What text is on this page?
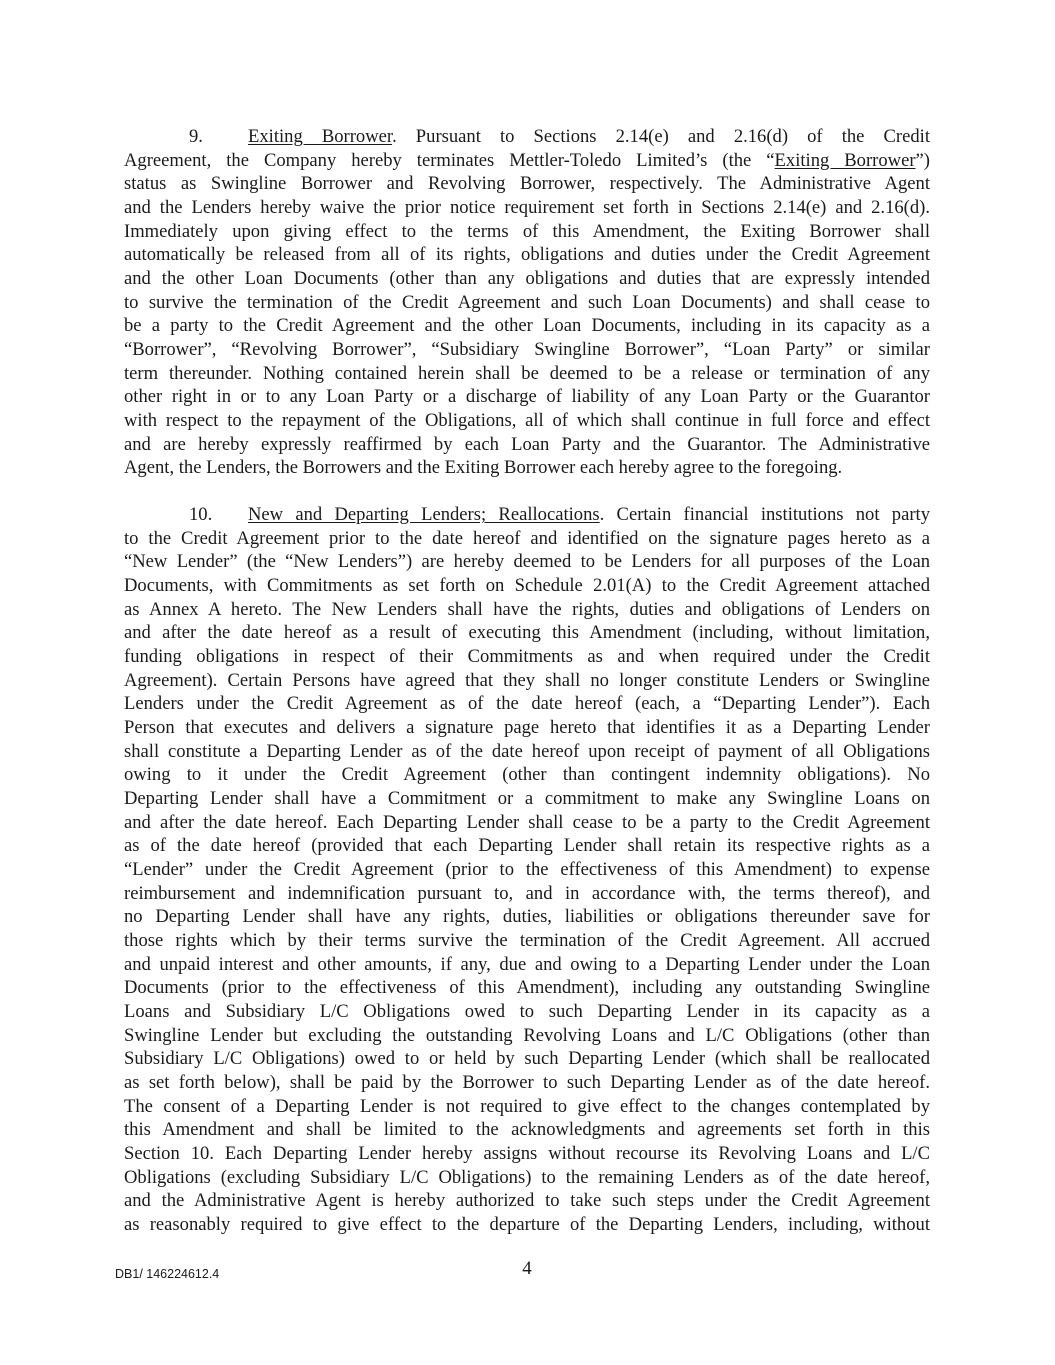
9. Exiting Borrower. Pursuant to Sections 2.14(e) and 2.16(d) of the Credit
Agreement, the Company hereby terminates Mettler-Toledo Limited’s (the “Exiting Borrower”)
status as Swingline Borrower and Revolving Borrower, respectively. The Administrative Agent
and the Lenders hereby waive the prior notice requirement set forth in Sections 2.14(e) and 2.16(d).
Immediately upon giving effect to the terms of this Amendment, the Exiting Borrower shall
automatically be released from all of its rights, obligations and duties under the Credit Agreement
and the other Loan Documents (other than any obligations and duties that are expressly intended
to survive the termination of the Credit Agreement and such Loan Documents) and shall cease to
be a party to the Credit Agreement and the other Loan Documents, including in its capacity as a
“Borrower”, “Revolving Borrower”, “Subsidiary Swingline Borrower”, “Loan Party” or similar
term thereunder. Nothing contained herein shall be deemed to be a release or termination of any
other right in or to any Loan Party or a discharge of liability of any Loan Party or the Guarantor
with respect to the repayment of the Obligations, all of which shall continue in full force and effect
and are hereby expressly reaffirmed by each Loan Party and the Guarantor. The Administrative
Agent, the Lenders, the Borrowers and the Exiting Borrower each hereby agree to the foregoing.
10. New and Departing Lenders; Reallocations. Certain financial institutions not party
to the Credit Agreement prior to the date hereof and identified on the signature pages hereto as a
“New Lender” (the “New Lenders”) are hereby deemed to be Lenders for all purposes of the Loan
Documents, with Commitments as set forth on Schedule 2.01(A) to the Credit Agreement attached
as Annex A hereto. The New Lenders shall have the rights, duties and obligations of Lenders on
and after the date hereof as a result of executing this Amendment (including, without limitation,
funding obligations in respect of their Commitments as and when required under the Credit
Agreement). Certain Persons have agreed that they shall no longer constitute Lenders or Swingline
Lenders under the Credit Agreement as of the date hereof (each, a “Departing Lender”). Each
Person that executes and delivers a signature page hereto that identifies it as a Departing Lender
shall constitute a Departing Lender as of the date hereof upon receipt of payment of all Obligations
owing to it under the Credit Agreement (other than contingent indemnity obligations). No
Departing Lender shall have a Commitment or a commitment to make any Swingline Loans on
and after the date hereof. Each Departing Lender shall cease to be a party to the Credit Agreement
as of the date hereof (provided that each Departing Lender shall retain its respective rights as a
“Lender” under the Credit Agreement (prior to the effectiveness of this Amendment) to expense
reimbursement and indemnification pursuant to, and in accordance with, the terms thereof), and
no Departing Lender shall have any rights, duties, liabilities or obligations thereunder save for
those rights which by their terms survive the termination of the Credit Agreement. All accrued
and unpaid interest and other amounts, if any, due and owing to a Departing Lender under the Loan
Documents (prior to the effectiveness of this Amendment), including any outstanding Swingline
Loans and Subsidiary L/C Obligations owed to such Departing Lender in its capacity as a
Swingline Lender but excluding the outstanding Revolving Loans and L/C Obligations (other than
Subsidiary L/C Obligations) owed to or held by such Departing Lender (which shall be reallocated
as set forth below), shall be paid by the Borrower to such Departing Lender as of the date hereof.
The consent of a Departing Lender is not required to give effect to the changes contemplated by
this Amendment and shall be limited to the acknowledgments and agreements set forth in this
Section 10. Each Departing Lender hereby assigns without recourse its Revolving Loans and L/C
Obligations (excluding Subsidiary L/C Obligations) to the remaining Lenders as of the date hereof,
and the Administrative Agent is hereby authorized to take such steps under the Credit Agreement
as reasonably required to give effect to the departure of the Departing Lenders, including, without
DB1/ 146224612.4	4
